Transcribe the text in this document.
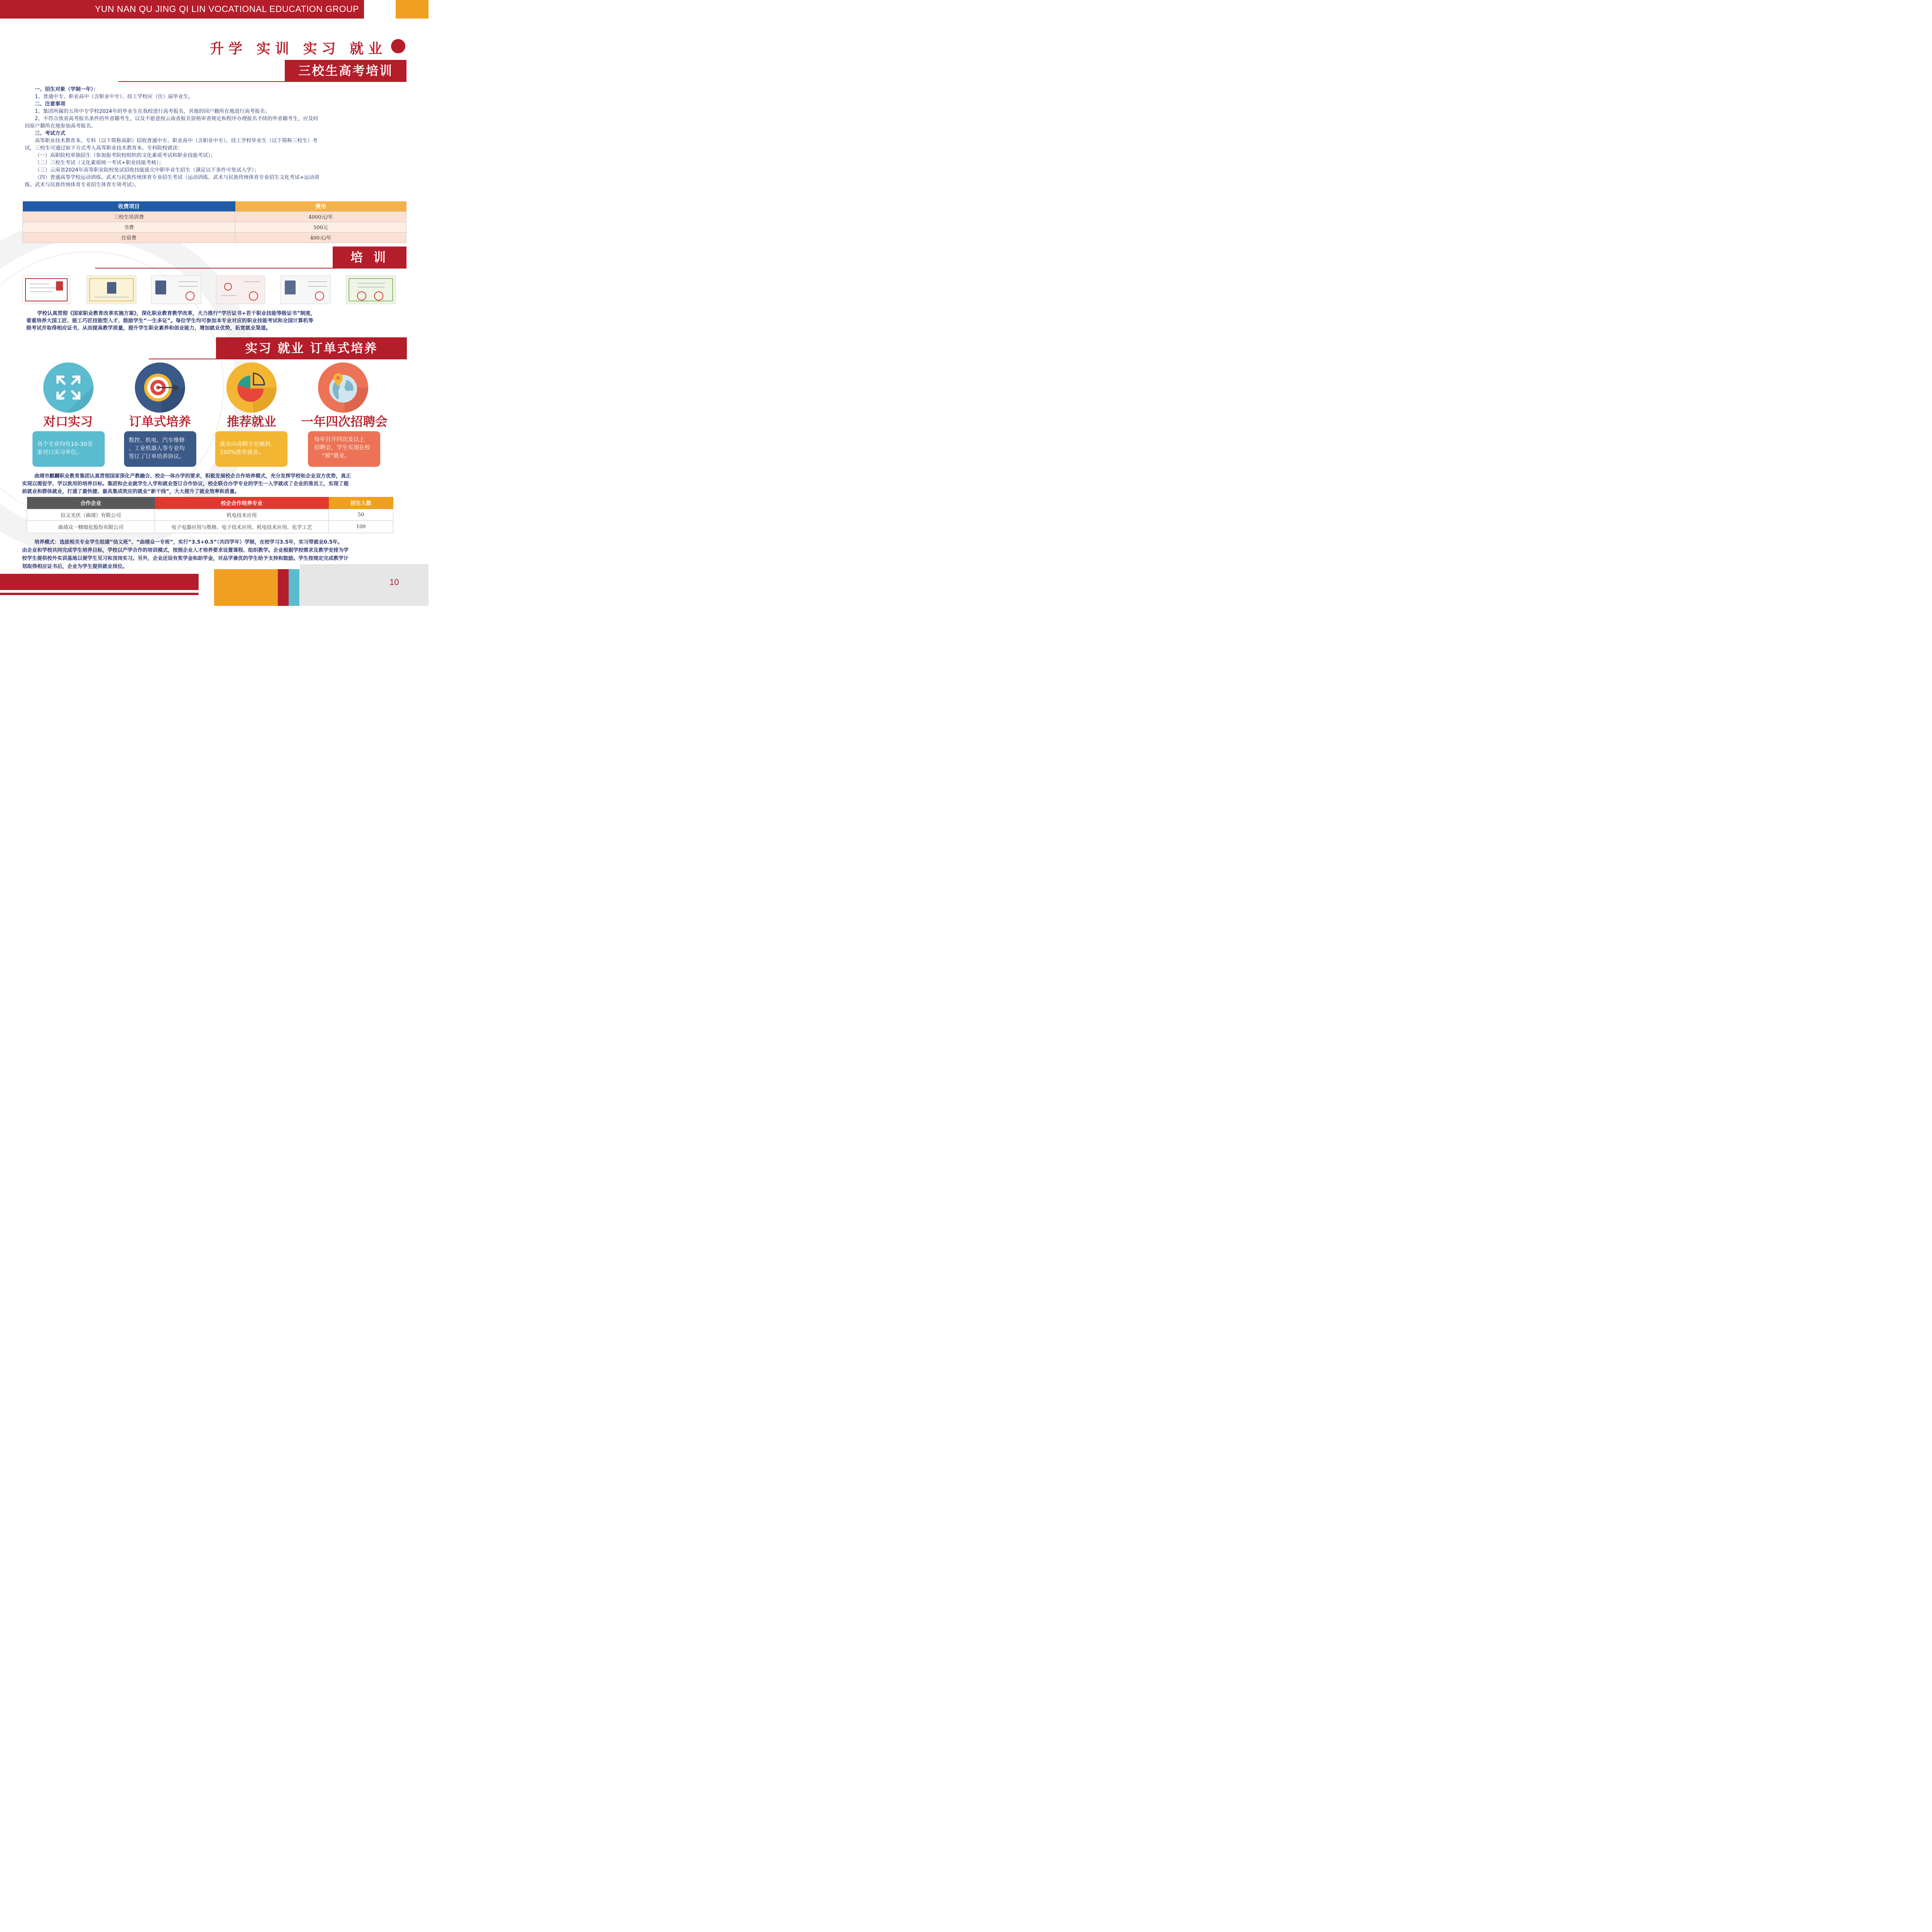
YUN NAN QU JING QI LIN VOCATIONAL EDUCATION GROUP
升学 实训 实习 就业
三校生高考培训
一、招生对象（学制一年）：
1、普通中专、职业高中（含职业中专）、技工学校应（往）届毕业生。
二、注意事项
1、集团所属的五所中专学校2024年的毕业生在我校进行高考报名，其他的回户籍所在地进行高考报名；
2、不符合我省高考报名条件的外省籍考生，以及不愿意按云南省报名资格审查规定和程序办理报名手续的外省籍考生，应及时
回原户籍所在地参加高考报名。
三、考试方式
高等职业技术教育本、专科（以下简称高职）招收普通中专、职业高中（含职业中专）、技工学校毕业生（以下简称三校生）考
试，三校生可通过如下方式考入高等职业技术教育本、专科院校就读：
（一）高职院校单独招生（参加报考院校组织的文化素质考试和职业技能考试）；
（二）三校生考试（文化素质统一考试+职业技能考核）；
（三）云南省2024年高等职业院校免试招收技能拔尖中职毕业生招生（满足以下条件可免试入学）；
（四）普通高等学校运动训练、武术与民族传统体育专业招生考试（运动训练、武术与民族传统体育专业招生文化考试+运动训
练、武术与民族传统体育专业招生体育专项考试）。
收费项目	费用
三校生培训费	4000元/年
书费	500元
住宿费	400元/年
培 训
学校认真贯彻《国家职业教育改革实施方案》，深化职业教育教学改革，大力推行“学历证书+若干职业技能等级证书”制度，
着重培养大国工匠、能工巧匠技能型人才，鼓励学生“一生多证”。每位学生均可参加本专业对应的职业技能考试和全国计算机等
级考试并取得相应证书，从而提高教学质量，提升学生职业素养和创业能力，增加就业优势，拓宽就业渠道。
实习 就业 订单式培养
对口实习	订单式培养	推荐就业	一年四次招聘会
各个专业均有10-30余
家对口实习单位。
数控、机电、汽车维修
、工业机器人等专业均
签订了订单培养协议。
就业向高精专业倾斜，
100%推荐就业。
每年召开四次及以上
招聘会，学生实现在校
“被”就业。
曲靖市麒麟职业教育集团认真贯彻国家深化产教融合、校企一体办学的要求，积极发展校企合作培养模式，充分发挥学校和企业双方优势，真正
实现以需促学、学以致用的培养目标。集团和企业就学生入学和就业签订合作协议，校企联合办学专业的学生一入学就成了企业的准员工，实现了超
前就业和群体就业，打通了最快捷、最具集成效应的就业“新干线”，大大提升了就业效率和质量。
合作企业	校企合作培养专业	招生人数
信义光伏（曲靖）有限公司	机电技术应用	50
曲靖众一精细化股份有限公司	电子电器应用与维修、电子技术应用、机电技术应用、化学工艺	100
培养模式：选拔相关专业学生组建“信义班”、“曲靖众一专班”，实行“3.5+0.5”（共四学年）学制，在校学习3.5年，实习带就业0.5年。
由企业和学校共同完成学生培养目标，学校以产学合作的培训模式，按照企业人才培养要求设置课程、组织教学。企业根据学校需求及教学安排为学
校学生提供校外实训基地以便学生见习和顶岗实习。另外，企业还设有奖学金和助学金，对品学兼优的学生给予支持和鼓励。学生按规定完成教学计
划取得相应证书后，企业为学生提供就业岗位。
10
